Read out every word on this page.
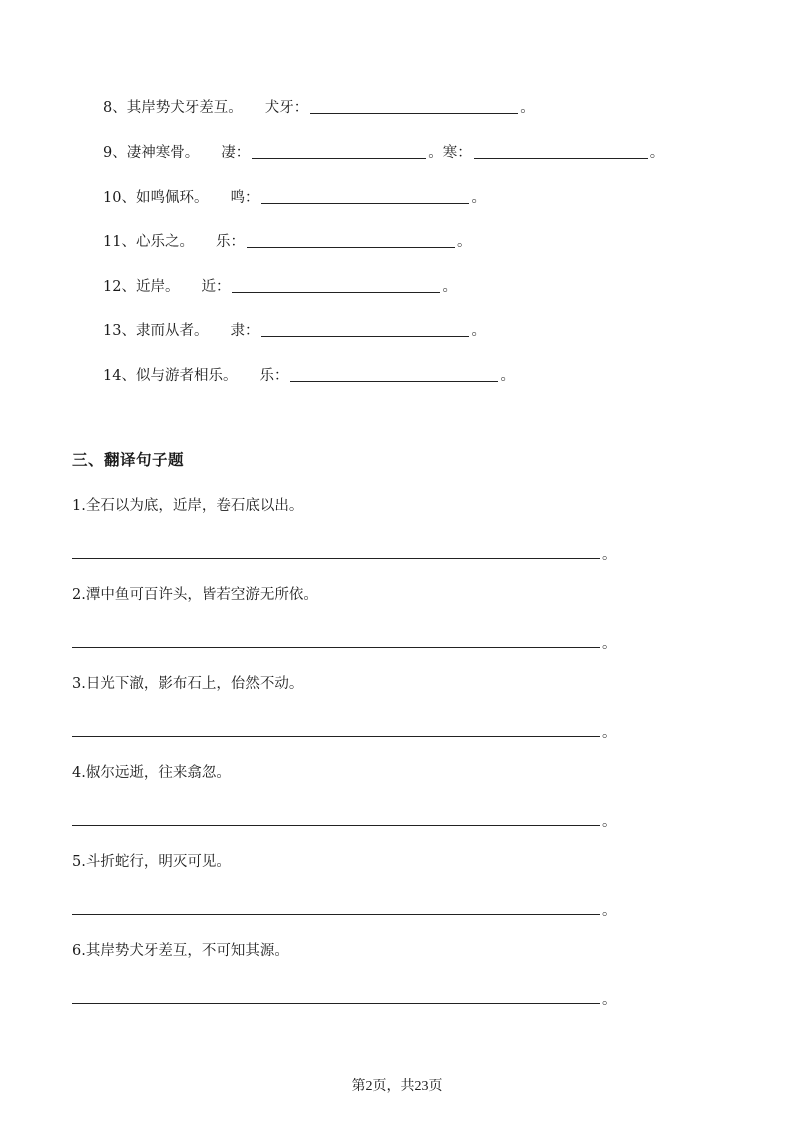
8、其岸势犬牙差互。 犬牙：	。
9、凄神寒骨。 凄：	。 寒：	。
10、如鸣佩环。 鸣：	。
11、心乐之。 乐：	。
12、近岸。 近：	。
13、隶而从者。 隶：	。
14、似与游者相乐。 乐：	。
三、翻译句子题
1.全石以为底，近岸，卷石底以出。
。
2.潭中鱼可百许头，皆若空游无所依。
。
3.日光下澈，影布石上，佁然不动。
。
4.俶尔远逝，往来翕忽。
。
5.斗折蛇行，明灭可见。
。
6.其岸势犬牙差互，不可知其源。
。
第2页，共23页
